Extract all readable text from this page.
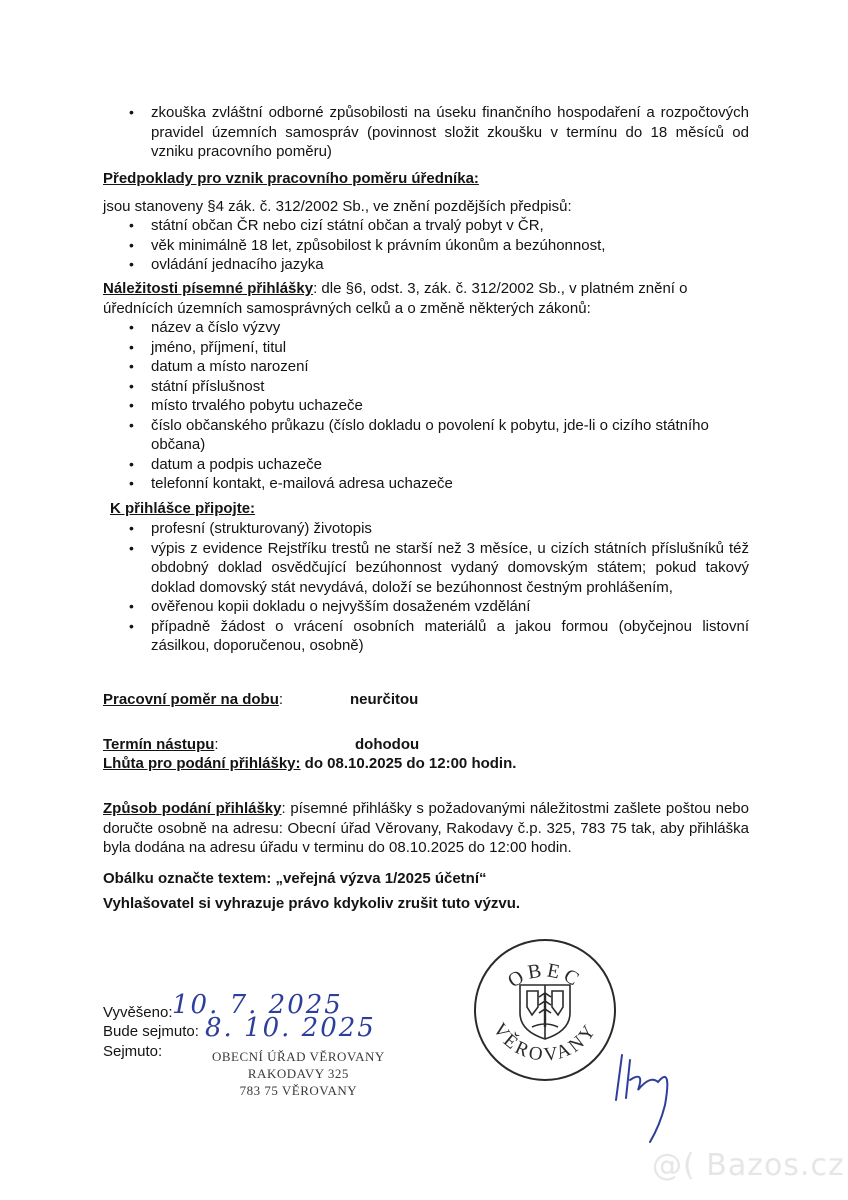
• zkouška zvláštní odborné způsobilosti na úseku finančního hospodaření a rozpočtových pravidel územních samospráv (povinnost složit zkoušku v termínu do 18 měsíců od vzniku pracovního poměru)
Předpoklady pro vznik pracovního poměru úředníka:
jsou stanoveny §4 zák. č. 312/2002 Sb., ve znění pozdějších předpisů:
• státní občan ČR nebo cizí státní občan a trvalý pobyt v ČR,
• věk minimálně 18 let, způsobilost k právním úkonům a bezúhonnost,
• ovládání jednacího jazyka
Náležitosti písemné přihlášky: dle §6, odst. 3, zák. č. 312/2002 Sb., v platném znění o úřednících územních samosprávných celků a o změně některých zákonů:
• název a číslo výzvy
• jméno, příjmení, titul
• datum a místo narození
• státní příslušnost
• místo trvalého pobytu uchazeče
• číslo občanského průkazu (číslo dokladu o povolení k pobytu, jde-li o cizího státního občana)
• datum a podpis uchazeče
• telefonní kontakt, e-mailová adresa uchazeče
K přihlášce připojte:
• profesní (strukturovaný) životopis
• výpis z evidence Rejstříku trestů ne starší než 3 měsíce, u cizích státních příslušníků též obdobný doklad osvědčující bezúhonnost vydaný domovským státem; pokud takový doklad domovský stát nevydává, doloží se bezúhonnost čestným prohlášením,
• ověřenou kopii dokladu o nejvyšším dosaženém vzdělání
• případně žádost o vrácení osobních materiálů a jakou formou (obyčejnou listovní zásilkou, doporučenou, osobně)
Pracovní poměr na dobu:	neurčitou
Termín nástupu:	dohodou
Lhůta pro podání přihlášky: do 08.10.2025 do 12:00 hodin.
Způsob podání přihlášky: písemné přihlášky s požadovanými náležitostmi zašlete poštou nebo doručte osobně na adresu: Obecní úřad Věrovany, Rakodavy č.p. 325, 783 75 tak, aby přihláška byla dodána na adresu úřadu v terminu do 08.10.2025 do 12:00 hodin.
Obálku označte textem: „veřejná výzva 1/2025 účetní“
Vyhlašovatel si vyhrazuje právo kdykoliv zrušit tuto výzvu.
Vyvěšeno: 10. 7. 2025
Bude sejmuto: 8. 10. 2025
Sejmuto:	OBECNÍ ÚŘAD VĚROVANY
RAKODAVY 325
783 75 VĚROVANY
OBEC
VĚROVANY
@( Bazos.cz
